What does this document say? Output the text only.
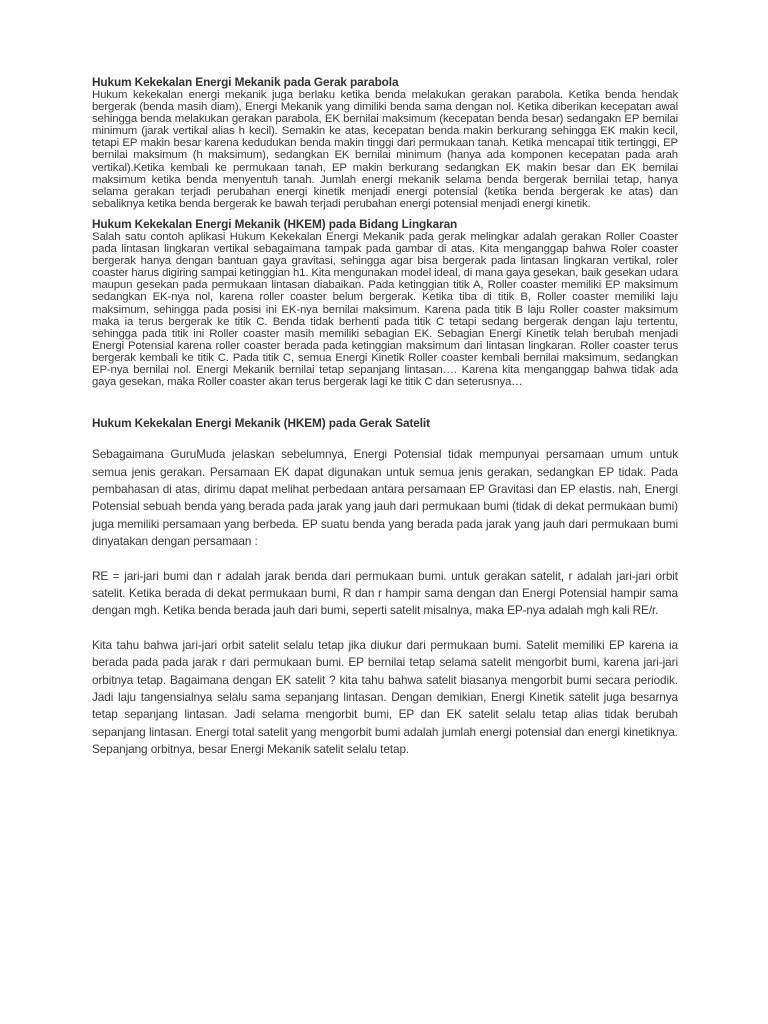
Hukum Kekekalan Energi Mekanik pada Gerak parabola

Hukum kekekalan energi mekanik juga berlaku ketika benda melakukan gerakan parabola. Ketika benda hendak bergerak (benda masih diam), Energi Mekanik yang dimiliki benda sama dengan nol. Ketika diberikan kecepatan awal sehingga benda melakukan gerakan parabola, EK bernilai maksimum (kecepatan benda besar) sedangakn EP bernilai minimum (jarak vertikal alias h kecil). Semakin ke atas, kecepatan benda makin berkurang sehingga EK makin kecil, tetapi EP makin besar karena kedudukan benda makin tinggi dari permukaan tanah. Ketika mencapai titik tertinggi, EP bernilai maksimum (h maksimum), sedangkan EK bernilai minimum (hanya ada komponen kecepatan pada arah vertikal).Ketika kembali ke permukaan tanah, EP makin berkurang sedangkan EK makin besar dan EK bernilai maksimum ketika benda menyentuh tanah. Jumlah energi mekanik selama benda bergerak bernilai tetap, hanya selama gerakan terjadi perubahan energi kinetik menjadi energi potensial (ketika benda bergerak ke atas) dan sebaliknya ketika benda bergerak ke bawah terjadi perubahan energi potensial menjadi energi kinetik.

Hukum Kekekalan Energi Mekanik (HKEM) pada Bidang Lingkaran

Salah satu contoh aplikasi Hukum Kekekalan Energi Mekanik pada gerak melingkar adalah gerakan Roller Coaster pada lintasan lingkaran vertikal sebagaimana tampak pada gambar di atas. Kita menganggap bahwa Roler coaster bergerak hanya dengan bantuan gaya gravitasi, sehingga agar bisa bergerak pada lintasan lingkaran vertikal, roler coaster harus digiring sampai ketinggian h1. Kita mengunakan model ideal, di mana gaya gesekan, baik gesekan udara maupun gesekan pada permukaan lintasan diabaikan. Pada ketinggian titik A, Roller coaster memiliki EP maksimum sedangkan EK-nya nol, karena roller coaster belum bergerak. Ketika tiba di titik B, Roller coaster memiliki laju maksimum, sehingga pada posisi ini EK-nya bernilai maksimum. Karena pada titik B laju Roller coaster maksimum maka ia terus bergerak ke titik C. Benda tidak berhenti pada titik C tetapi sedang bergerak dengan laju tertentu, sehingga pada titik ini Roller coaster masih memiliki sebagian EK. Sebagian Energi Kinetik telah berubah menjadi Energi Potensial karena roller coaster berada pada ketinggian maksimum dari lintasan lingkaran. Roller coaster terus bergerak kembali ke titik C. Pada titik C, semua Energi Kinetik Roller coaster kembali bernilai maksimum, sedangkan EP-nya bernilai nol. Energi Mekanik bernilai tetap sepanjang lintasan…. Karena kita menganggap bahwa tidak ada gaya gesekan, maka Roller coaster akan terus bergerak lagi ke titik C dan seterusnya…

Hukum Kekekalan Energi Mekanik (HKEM) pada Gerak Satelit

Sebagaimana GuruMuda jelaskan sebelumnya, Energi Potensial tidak mempunyai persamaan umum untuk semua jenis gerakan. Persamaan EK dapat digunakan untuk semua jenis gerakan, sedangkan EP tidak. Pada pembahasan di atas, dirimu dapat melihat perbedaan antara persamaan EP Gravitasi dan EP elastis. nah, Energi Potensial sebuah benda yang berada pada jarak yang jauh dari permukaan bumi (tidak di dekat permukaan bumi) juga memiliki persamaan yang berbeda. EP suatu benda yang berada pada jarak yang jauh dari permukaan bumi dinyatakan dengan persamaan :

RE = jari-jari bumi dan r adalah jarak benda dari permukaan bumi. untuk gerakan satelit, r adalah jari-jari orbit satelit. Ketika berada di dekat permukaan bumi, R dan r hampir sama dengan dan Energi Potensial hampir sama dengan mgh. Ketika benda berada jauh dari bumi, seperti satelit misalnya, maka EP-nya adalah mgh kali RE/r.

Kita tahu bahwa jari-jari orbit satelit selalu tetap jika diukur dari permukaan bumi. Satelit memiliki EP karena ia berada pada pada jarak r dari permukaan bumi. EP bernilai tetap selama satelit mengorbit bumi, karena jari-jari orbitnya tetap. Bagaimana dengan EK satelit ? kita tahu bahwa satelit biasanya mengorbit bumi secara periodik. Jadi laju tangensialnya selalu sama sepanjang lintasan. Dengan demikian, Energi Kinetik satelit juga besarnya tetap sepanjang lintasan. Jadi selama mengorbit bumi, EP dan EK satelit selalu tetap alias tidak berubah sepanjang lintasan. Energi total satelit yang mengorbit bumi adalah jumlah energi potensial dan energi kinetiknya. Sepanjang orbitnya, besar Energi Mekanik satelit selalu tetap.
